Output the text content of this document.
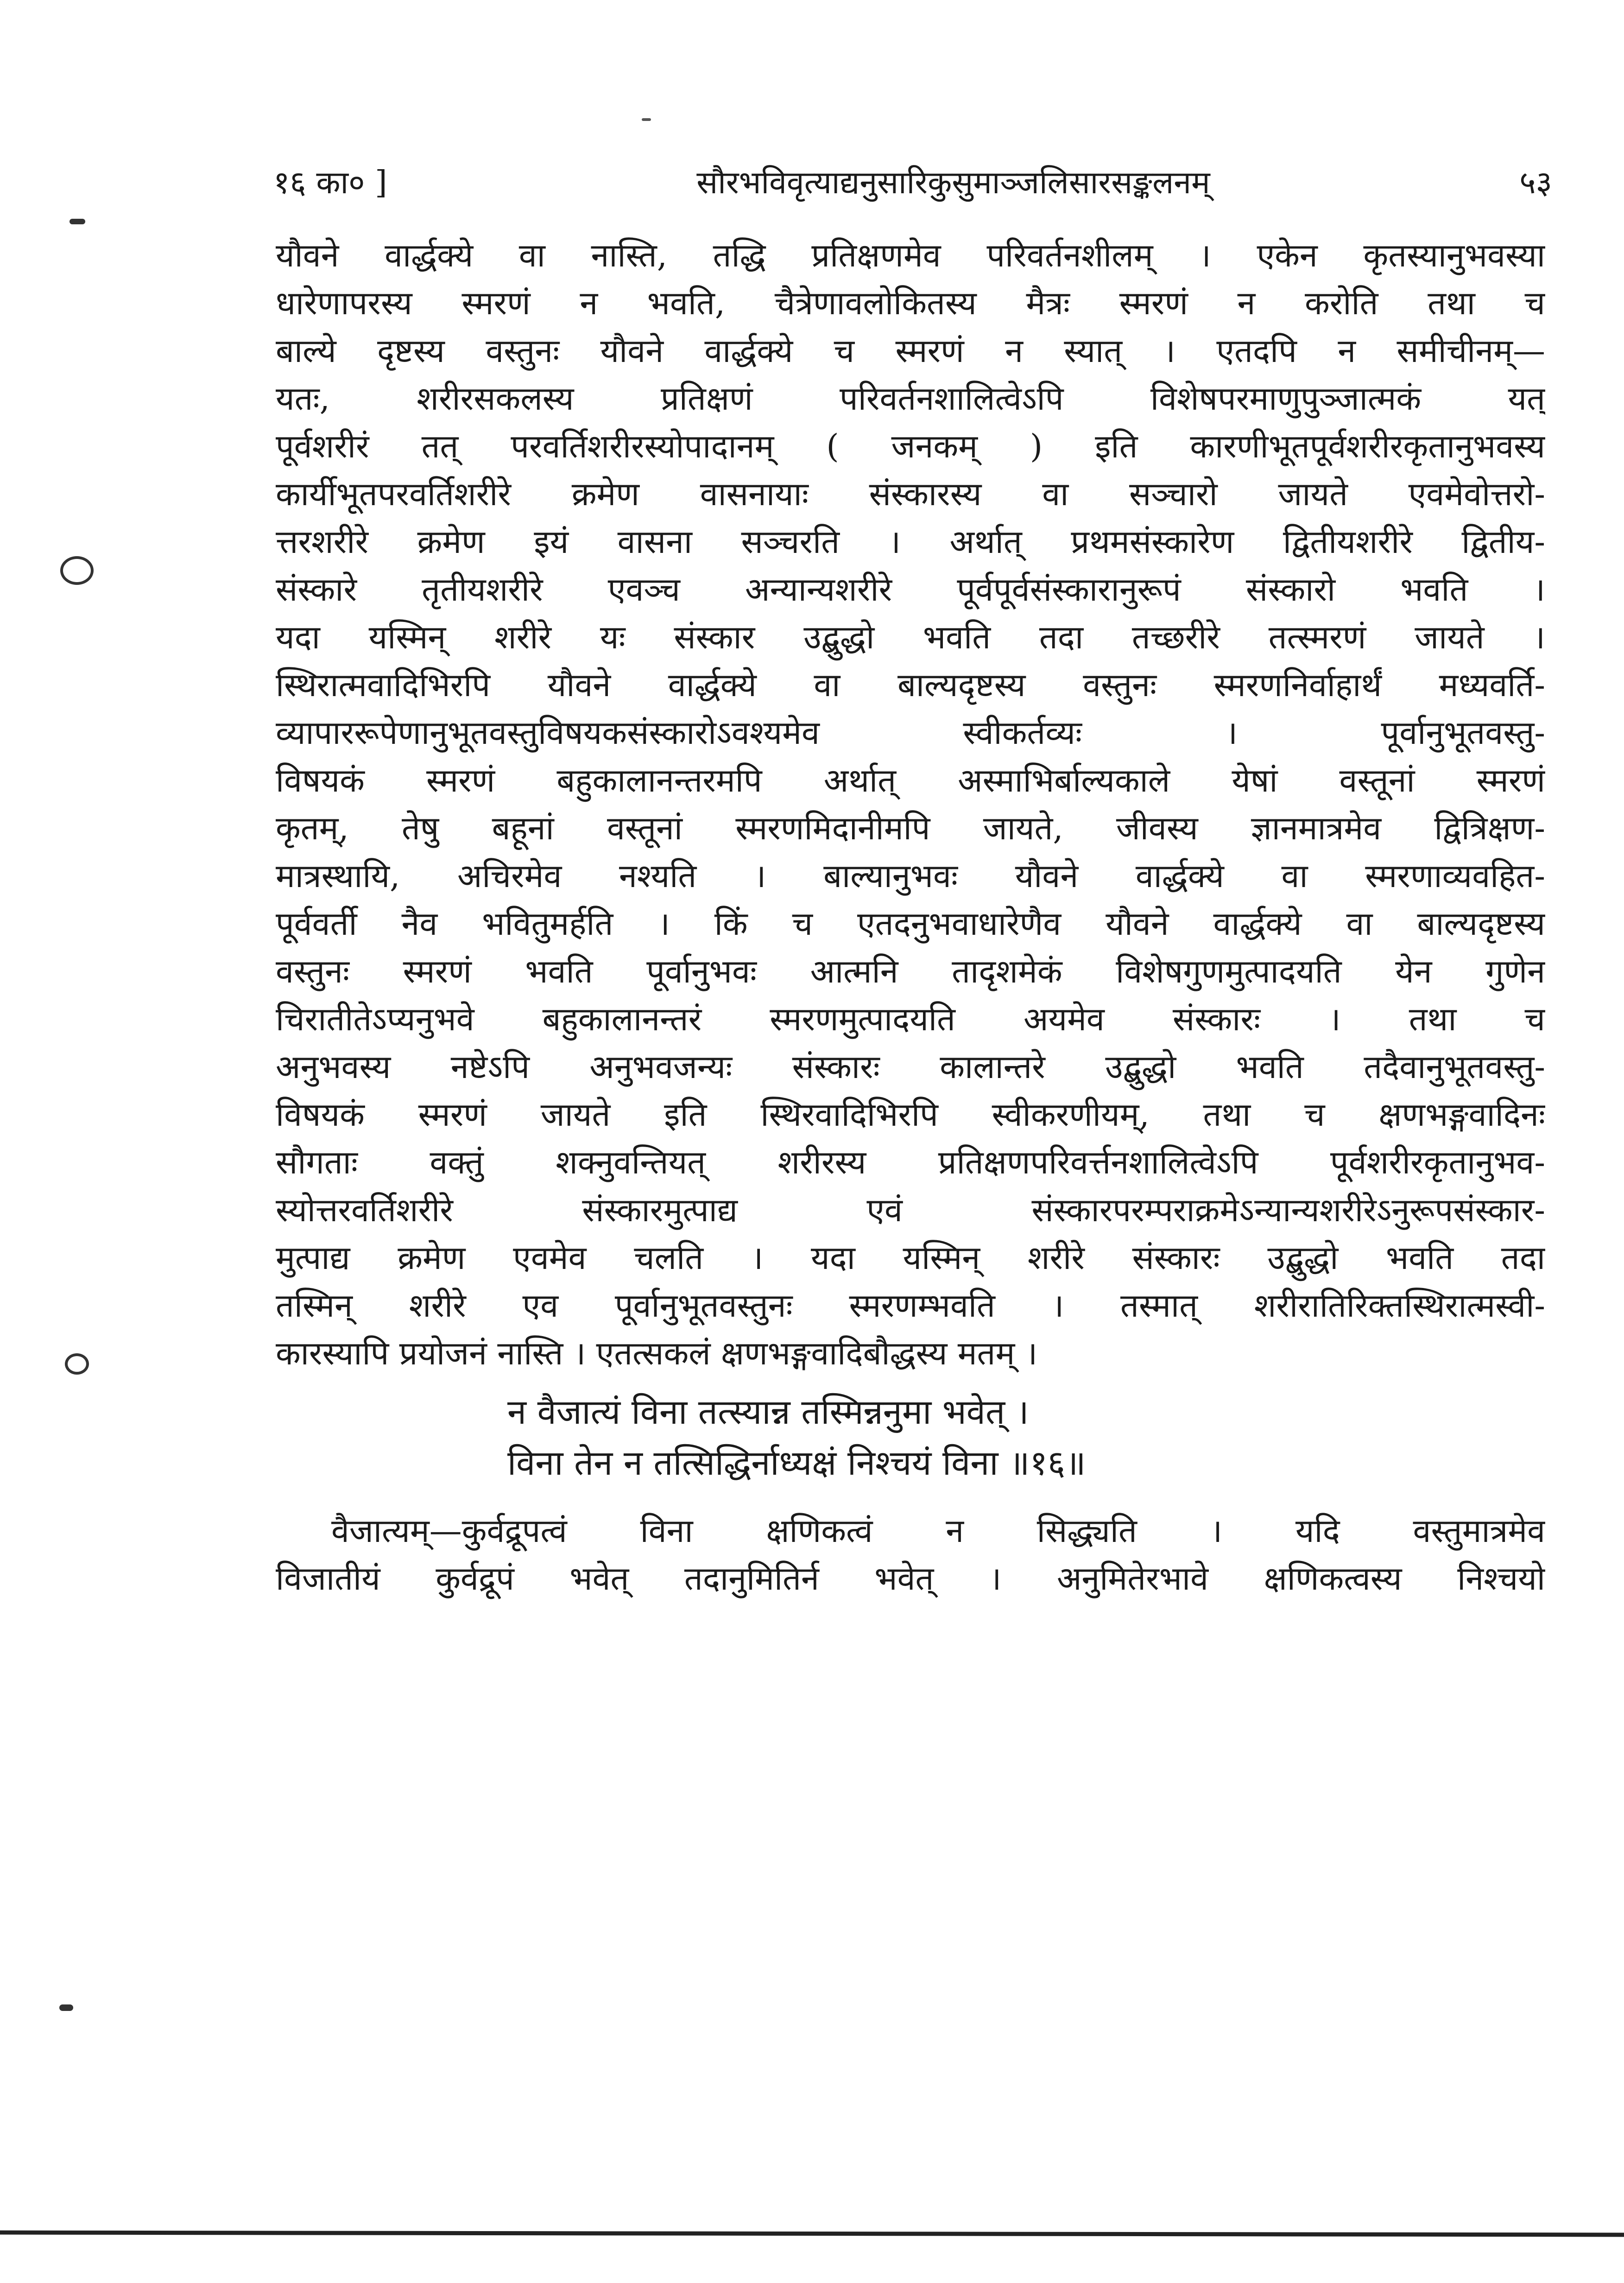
१६ का० ]	सौरभविवृत्याद्यनुसारिकुसुमाञ्जलिसारसङ्कलनम्	५३
यौवने वार्द्धक्ये वा नास्ति, तद्धि प्रतिक्षणमेव परिवर्तनशीलम् । एकेन कृतस्यानुभवस्या
धारेणापरस्य स्मरणं न भवति, चैत्रेणावलोकितस्य मैत्रः स्मरणं न करोति तथा च
बाल्ये दृष्टस्य वस्तुनः यौवने वार्द्धक्ये च स्मरणं न स्यात् । एतदपि न समीचीनम्—
यतः, शरीरसकलस्य प्रतिक्षणं परिवर्तनशालित्वेऽपि विशेषपरमाणुपुञ्जात्मकं यत्
पूर्वशरीरं तत् परवर्तिशरीरस्योपादानम् ( जनकम् ) इति कारणीभूतपूर्वशरीरकृतानुभवस्य
कार्यीभूतपरवर्तिशरीरे क्रमेण वासनायाः संस्कारस्य वा सञ्चारो जायते एवमेवोत्तरो-
त्तरशरीरे क्रमेण इयं वासना सञ्चरति । अर्थात् प्रथमसंस्कारेण द्वितीयशरीरे द्वितीय-
संस्कारे तृतीयशरीरे एवञ्च अन्यान्यशरीरे पूर्वपूर्वसंस्कारानुरूपं संस्कारो भवति ।
यदा यस्मिन् शरीरे यः संस्कार उद्बुद्धो भवति तदा तच्छरीरे तत्स्मरणं जायते ।
स्थिरात्मवादिभिरपि यौवने वार्द्धक्ये वा बाल्यदृष्टस्य वस्तुनः स्मरणनिर्वाहार्थं मध्यवर्ति-
व्यापाररूपेणानुभूतवस्तुविषयकसंस्कारोऽवश्यमेव स्वीकर्तव्यः । पूर्वानुभूतवस्तु-
विषयकं स्मरणं बहुकालानन्तरमपि अर्थात् अस्माभिर्बाल्यकाले येषां वस्तूनां स्मरणं
कृतम्, तेषु बहूनां वस्तूनां स्मरणमिदानीमपि जायते, जीवस्य ज्ञानमात्रमेव द्वित्रिक्षण-
मात्रस्थायि, अचिरमेव नश्यति । बाल्यानुभवः यौवने वार्द्धक्ये वा स्मरणाव्यवहित-
पूर्ववर्ती नैव भवितुमर्हति । किं च एतदनुभवाधारेणैव यौवने वार्द्धक्ये वा बाल्यदृष्टस्य
वस्तुनः स्मरणं भवति पूर्वानुभवः आत्मनि तादृशमेकं विशेषगुणमुत्पादयति येन गुणेन
चिरातीतेऽप्यनुभवे बहुकालानन्तरं स्मरणमुत्पादयति अयमेव संस्कारः । तथा च
अनुभवस्य नष्टेऽपि अनुभवजन्यः संस्कारः कालान्तरे उद्बुद्धो भवति तदैवानुभूतवस्तु-
विषयकं स्मरणं जायते इति स्थिरवादिभिरपि स्वीकरणीयम्, तथा च क्षणभङ्गवादिनः
सौगताः वक्तुं शक्नुवन्तियत् शरीरस्य प्रतिक्षणपरिवर्त्तनशालित्वेऽपि पूर्वशरीरकृतानुभव-
स्योत्तरवर्तिशरीरे संस्कारमुत्पाद्य एवं संस्कारपरम्पराक्रमेऽन्यान्यशरीरेऽनुरूपसंस्कार-
मुत्पाद्य क्रमेण एवमेव चलति । यदा यस्मिन् शरीरे संस्कारः उद्बुद्धो भवति तदा
तस्मिन् शरीरे एव पूर्वानुभूतवस्तुनः स्मरणम्भवति । तस्मात् शरीरातिरिक्तस्थिरात्मस्वी-
कारस्यापि प्रयोजनं नास्ति । एतत्सकलं क्षणभङ्गवादिबौद्धस्य मतम् ।
न वैजात्यं विना तत्स्यान्न तस्मिन्ननुमा भवेत् ।
विना तेन न तत्सिद्धिर्नाध्यक्षं निश्चयं विना ॥१६॥
वैजात्यम्—कुर्वद्रूपत्वं विना क्षणिकत्वं न सिद्ध्यति । यदि वस्तुमात्रमेव
विजातीयं कुर्वद्रूपं भवेत् तदानुमितिर्न भवेत् । अनुमितेरभावे क्षणिकत्वस्य निश्चयो
